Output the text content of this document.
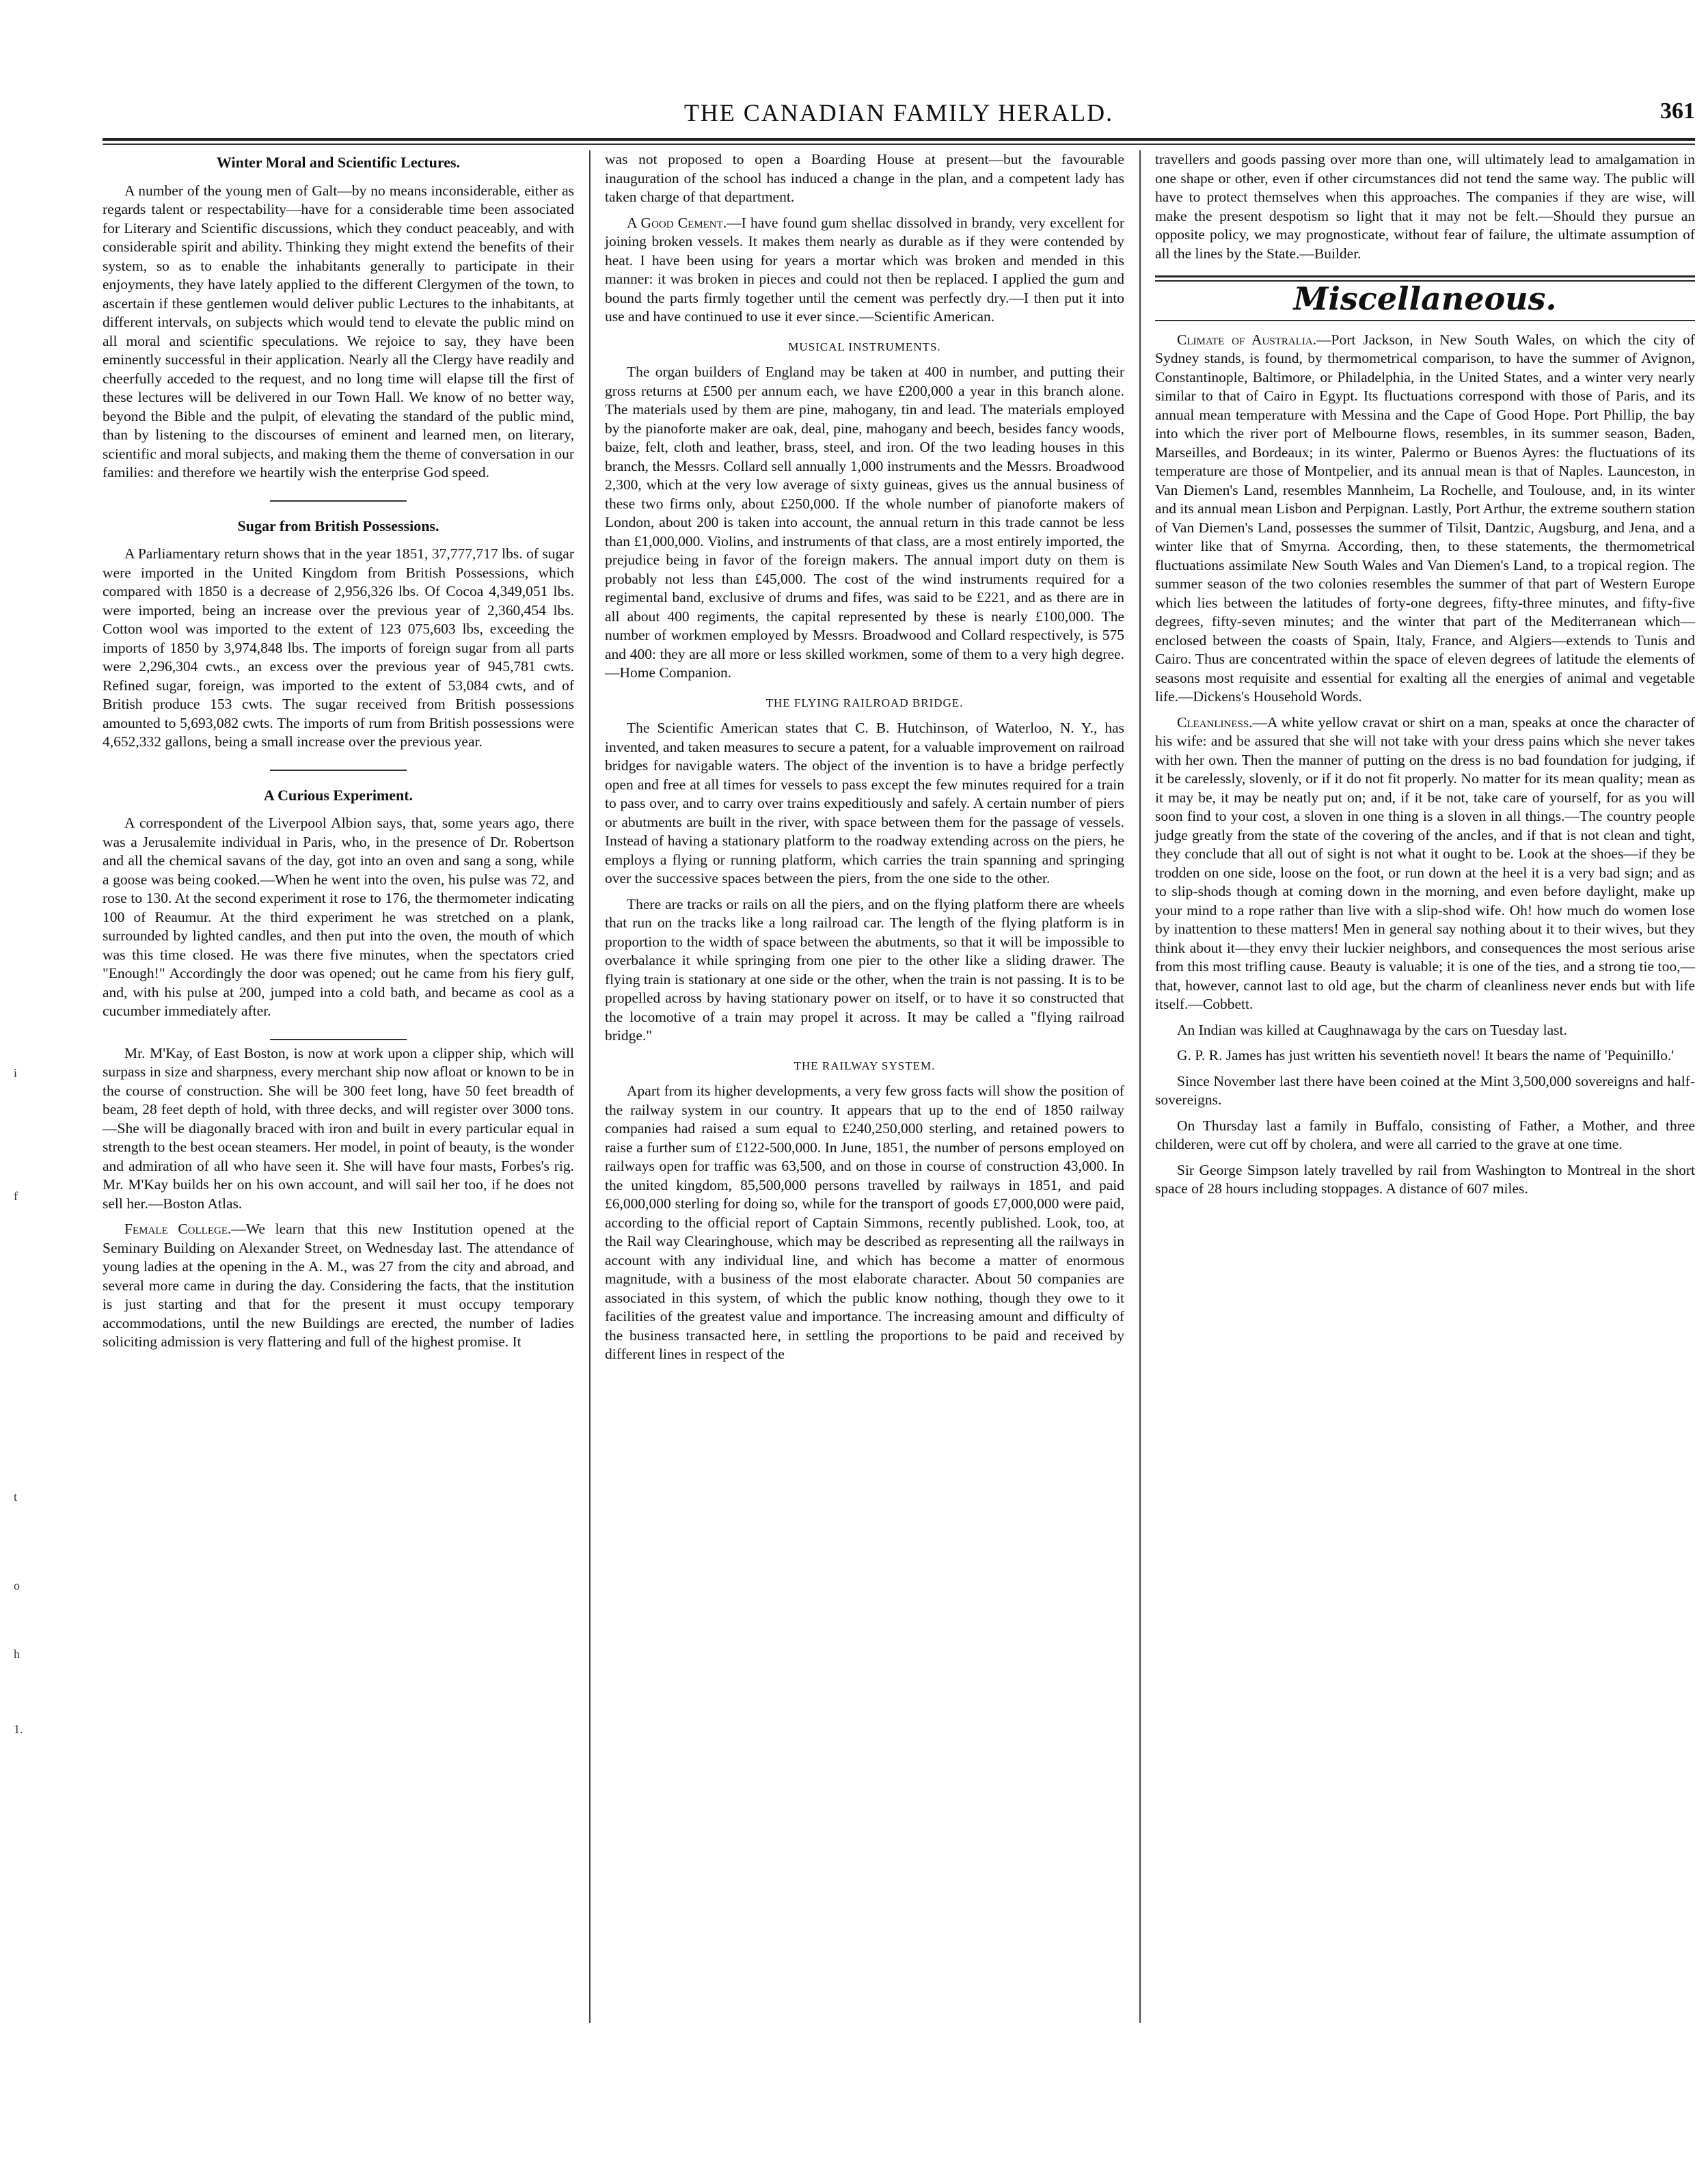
THE CANADIAN FAMILY HERALD.	361
Winter Moral and Scientific Lectures.

A number of the young men of Galt—by no means inconsiderable, either as regards talent or respectability—have for a considerable time been associated for Literary and Scientific discussions, which they conduct peaceably, and with considerable spirit and ability. Thinking they might extend the benefits of their system, so as to enable the inhabitants generally to participate in their enjoyments, they have lately applied to the different Clergymen of the town, to ascertain if these gentlemen would deliver public Lectures to the inhabitants, at different intervals, on subjects which would tend to elevate the public mind on all moral and scientific speculations. We rejoice to say, they have been eminently successful in their application. Nearly all the Clergy have readily and cheerfully acceded to the request, and no long time will elapse till the first of these lectures will be delivered in our Town Hall. We know of no better way, beyond the Bible and the pulpit, of elevating the standard of the public mind, than by listening to the discourses of eminent and learned men, on literary, scientific and moral subjects, and making them the theme of conversation in our families: and therefore we heartily wish the enterprise God speed.

Sugar from British Possessions.

A Parliamentary return shows that in the year 1851, 37,777,717 lbs. of sugar were imported in the United Kingdom from British Possessions, which compared with 1850 is a decrease of 2,956,326 lbs. Of Cocoa 4,349,051 lbs. were imported, being an increase over the previous year of 2,360,454 lbs. Cotton wool was imported to the extent of 123 075,603 lbs, exceeding the imports of 1850 by 3,974,848 lbs. The imports of foreign sugar from all parts were 2,296,304 cwts., an excess over the previous year of 945,781 cwts. Refined sugar, foreign, was imported to the extent of 53,084 cwts, and of British produce 153 cwts. The sugar received from British possessions amounted to 5,693,082 cwts. The imports of rum from British possessions were 4,652,332 gallons, being a small increase over the previous year.

A Curious Experiment.

A correspondent of the Liverpool Albion says, that, some years ago, there was a Jerusalemite individual in Paris, who, in the presence of Dr. Robertson and all the chemical savans of the day, got into an oven and sang a song, while a goose was being cooked.—When he went into the oven, his pulse was 72, and rose to 130. At the second experiment it rose to 176, the thermometer indicating 100 of Reaumur. At the third experiment he was stretched on a plank, surrounded by lighted candles, and then put into the oven, the mouth of which was this time closed. He was there five minutes, when the spectators cried "Enough!" Accordingly the door was opened; out he came from his fiery gulf, and, with his pulse at 200, jumped into a cold bath, and became as cool as a cucumber immediately after.

Mr. M'Kay, of East Boston, is now at work upon a clipper ship, which will surpass in size and sharpness, every merchant ship now afloat or known to be in the course of construction. She will be 300 feet long, have 50 feet breadth of beam, 28 feet depth of hold, with three decks, and will register over 3000 tons.—She will be diagonally braced with iron and built in every particular equal in strength to the best ocean steamers. Her model, in point of beauty, is the wonder and admiration of all who have seen it. She will have four masts, Forbes's rig. Mr. M'Kay builds her on his own account, and will sail her too, if he does not sell her.—Boston Atlas.

Female College.—We learn that this new Institution opened at the Seminary Building on Alexander Street, on Wednesday last. The attendance of young ladies at the opening in the A. M., was 27 from the city and abroad, and several more came in during the day. Considering the facts, that the institution is just starting and that for the present it must occupy temporary accommodations, until the new Buildings are erected, the number of ladies soliciting admission is very flattering and full of the highest promise. It

was not proposed to open a Boarding House at present—but the favourable inauguration of the school has induced a change in the plan, and a competent lady has taken charge of that department.

A Good Cement.—I have found gum shellac dissolved in brandy, very excellent for joining broken vessels. It makes them nearly as durable as if they were contended by heat. I have been using for years a mortar which was broken and mended in this manner: it was broken in pieces and could not then be replaced. I applied the gum and bound the parts firmly together until the cement was perfectly dry.—I then put it into use and have continued to use it ever since.—Scientific American.

MUSICAL INSTRUMENTS.

The organ builders of England may be taken at 400 in number, and putting their gross returns at £500 per annum each, we have £200,000 a year in this branch alone. The materials used by them are pine, mahogany, tin and lead. The materials employed by the pianoforte maker are oak, deal, pine, mahogany and beech, besides fancy woods, baize, felt, cloth and leather, brass, steel, and iron. Of the two leading houses in this branch, the Messrs. Collard sell annually 1,000 instruments and the Messrs. Broadwood 2,300, which at the very low average of sixty guineas, gives us the annual business of these two firms only, about £250,000. If the whole number of pianoforte makers of London, about 200 is taken into account, the annual return in this trade cannot be less than £1,000,000. Violins, and instruments of that class, are a most entirely imported, the prejudice being in favor of the foreign makers. The annual import duty on them is probably not less than £45,000. The cost of the wind instruments required for a regimental band, exclusive of drums and fifes, was said to be £221, and as there are in all about 400 regiments, the capital represented by these is nearly £100,000. The number of workmen employed by Messrs. Broadwood and Collard respectively, is 575 and 400: they are all more or less skilled workmen, some of them to a very high degree.—Home Companion.

THE FLYING RAILROAD BRIDGE.

The Scientific American states that C. B. Hutchinson, of Waterloo, N. Y., has invented, and taken measures to secure a patent, for a valuable improvement on railroad bridges for navigable waters. The object of the invention is to have a bridge perfectly open and free at all times for vessels to pass except the few minutes required for a train to pass over, and to carry over trains expeditiously and safely. A certain number of piers or abutments are built in the river, with space between them for the passage of vessels. Instead of having a stationary platform to the roadway extending across on the piers, he employs a flying or running platform, which carries the train spanning and springing over the successive spaces between the piers, from the one side to the other.

There are tracks or rails on all the piers, and on the flying platform there are wheels that run on the tracks like a long railroad car. The length of the flying platform is in proportion to the width of space between the abutments, so that it will be impossible to overbalance it while springing from one pier to the other like a sliding drawer. The flying train is stationary at one side or the other, when the train is not passing. It is to be propelled across by having stationary power on itself, or to have it so constructed that the locomotive of a train may propel it across. It may be called a "flying railroad bridge."

THE RAILWAY SYSTEM.

Apart from its higher developments, a very few gross facts will show the position of the railway system in our country. It appears that up to the end of 1850 railway companies had raised a sum equal to £240,250,000 sterling, and retained powers to raise a further sum of £122-500,000. In June, 1851, the number of persons employed on railways open for traffic was 63,500, and on those in course of construction 43,000. In the united kingdom, 85,500,000 persons travelled by railways in 1851, and paid £6,000,000 sterling for doing so, while for the transport of goods £7,000,000 were paid, according to the official report of Captain Simmons, recently published. Look, too, at the Rail way Clearinghouse, which may be described as representing all the railways in account with any individual line, and which has become a matter of enormous magnitude, with a business of the most elaborate character. About 50 companies are associated in this system, of which the public know nothing, though they owe to it facilities of the greatest value and importance. The increasing amount and difficulty of the business transacted here, in settling the proportions to be paid and received by different lines in respect of the

travellers and goods passing over more than one, will ultimately lead to amalgamation in one shape or other, even if other circumstances did not tend the same way. The public will have to protect themselves when this approaches. The companies if they are wise, will make the present despotism so light that it may not be felt.—Should they pursue an opposite policy, we may prognosticate, without fear of failure, the ultimate assumption of all the lines by the State.—Builder.

Miscellaneous.

Climate of Australia.—Port Jackson, in New South Wales, on which the city of Sydney stands, is found, by thermometrical comparison, to have the summer of Avignon, Constantinople, Baltimore, or Philadelphia, in the United States, and a winter very nearly similar to that of Cairo in Egypt. Its fluctuations correspond with those of Paris, and its annual mean temperature with Messina and the Cape of Good Hope. Port Phillip, the bay into which the river port of Melbourne flows, resembles, in its summer season, Baden, Marseilles, and Bordeaux; in its winter, Palermo or Buenos Ayres: the fluctuations of its temperature are those of Montpelier, and its annual mean is that of Naples. Launceston, in Van Diemen's Land, resembles Mannheim, La Rochelle, and Toulouse, and, in its winter and its annual mean Lisbon and Perpignan. Lastly, Port Arthur, the extreme southern station of Van Diemen's Land, possesses the summer of Tilsit, Dantzic, Augsburg, and Jena, and a winter like that of Smyrna. According, then, to these statements, the thermometrical fluctuations assimilate New South Wales and Van Diemen's Land, to a tropical region. The summer season of the two colonies resembles the summer of that part of Western Europe which lies between the latitudes of forty-one degrees, fifty-three minutes, and fifty-five degrees, fifty-seven minutes; and the winter that part of the Mediterranean which—enclosed between the coasts of Spain, Italy, France, and Algiers—extends to Tunis and Cairo. Thus are concentrated within the space of eleven degrees of latitude the elements of seasons most requisite and essential for exalting all the energies of animal and vegetable life.—Dickens's Household Words.

Cleanliness.—A white yellow cravat or shirt on a man, speaks at once the character of his wife: and be assured that she will not take with your dress pains which she never takes with her own. Then the manner of putting on the dress is no bad foundation for judging, if it be carelessly, slovenly, or if it do not fit properly. No matter for its mean quality; mean as it may be, it may be neatly put on; and, if it be not, take care of yourself, for as you will soon find to your cost, a sloven in one thing is a sloven in all things.—The country people judge greatly from the state of the covering of the ancles, and if that is not clean and tight, they conclude that all out of sight is not what it ought to be. Look at the shoes—if they be trodden on one side, loose on the foot, or run down at the heel it is a very bad sign; and as to slip-shods though at coming down in the morning, and even before daylight, make up your mind to a rope rather than live with a slip-shod wife. Oh! how much do women lose by inattention to these matters! Men in general say nothing about it to their wives, but they think about it—they envy their luckier neighbors, and consequences the most serious arise from this most trifling cause. Beauty is valuable; it is one of the ties, and a strong tie too,—that, however, cannot last to old age, but the charm of cleanliness never ends but with life itself.—Cobbett.

An Indian was killed at Caughnawaga by the cars on Tuesday last.

G. P. R. James has just written his seventieth novel! It bears the name of 'Pequinillo.'

Since November last there have been coined at the Mint 3,500,000 sovereigns and half-sovereigns.

On Thursday last a family in Buffalo, consisting of Father, a Mother, and three childeren, were cut off by cholera, and were all carried to the grave at one time.

Sir George Simpson lately travelled by rail from Washington to Montreal in the short space of 28 hours including stoppages. A distance of 607 miles.

i
f
t
o
h
1.
